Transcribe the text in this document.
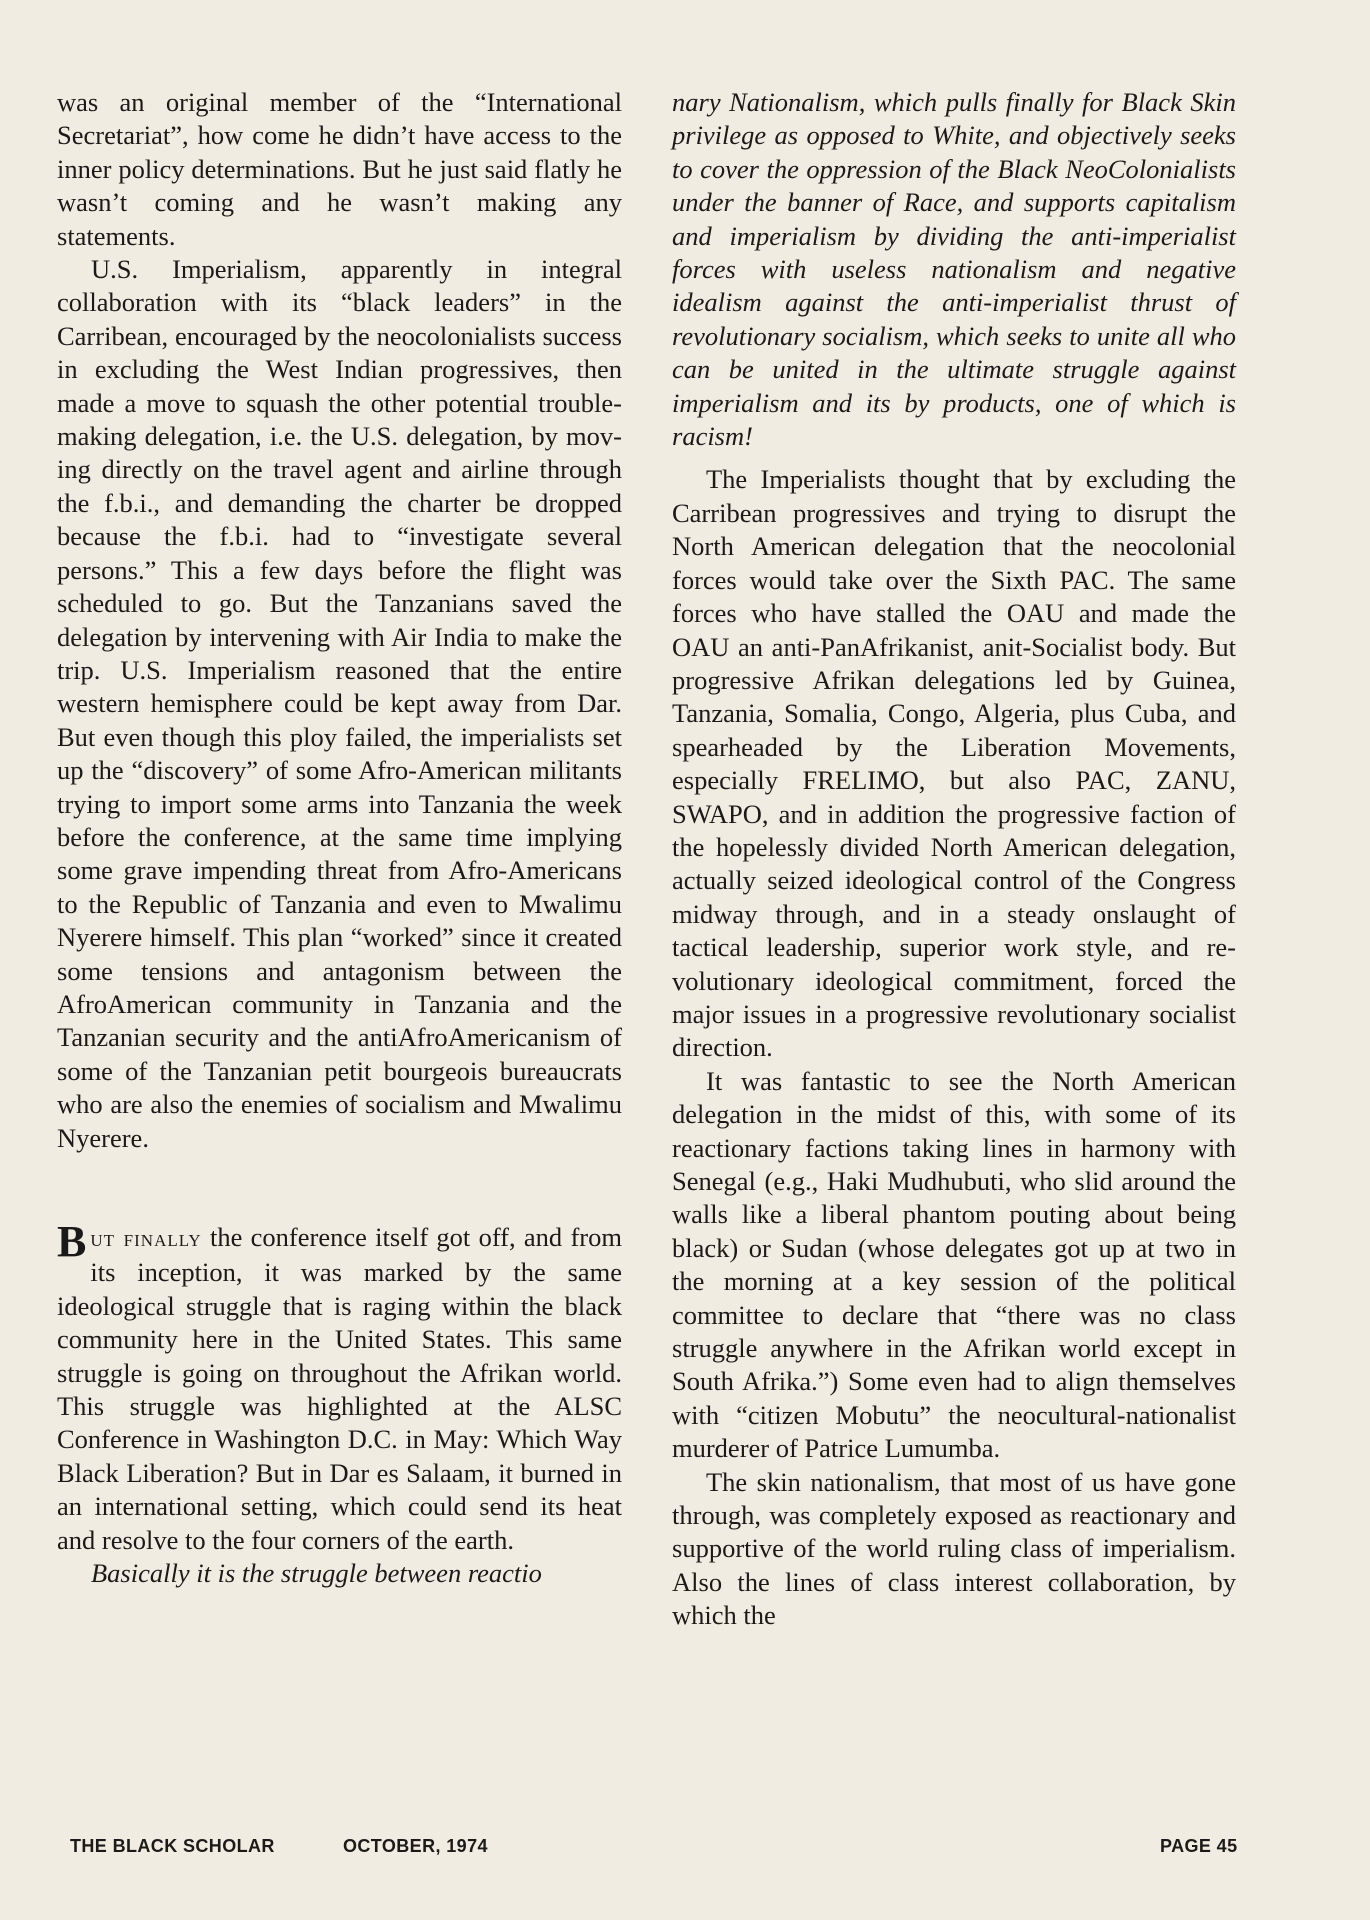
was an original member of the “International Secretariat”, how come he didn’t have access to the inner policy determinations. But he just said flatly he wasn’t coming and he wasn’t making any statements.

U.S. Imperialism, apparently in integral collaboration with its “black leaders” in the Carribean, encouraged by the neocolonialists success in excluding the West Indian progressives, then made a move to squash the other potential trouble-making delegation, i.e. the U.S. delegation, by moving directly on the travel agent and airline through the f.b.i., and demanding the charter be dropped because the f.b.i. had to “investigate several persons.” This a few days before the flight was scheduled to go. But the Tanzanians saved the delegation by intervening with Air India to make the trip. U.S. Imperialism reasoned that the entire western hemisphere could be kept away from Dar. But even though this ploy failed, the imperialists set up the “discovery” of some Afro-American militants trying to import some arms into Tanzania the week before the conference, at the same time implying some grave impending threat from Afro-Americans to the Republic of Tanzania and even to Mwalimu Nyerere himself. This plan “worked” since it created some tensions and antagonism between the AfroAmerican community in Tanzania and the Tanzanian security and the antiAfroAmericanism of some of the Tanzanian petit bourgeois bureaucrats who are also the enemies of socialism and Mwalimu Nyerere.

But finally the conference itself got off, and from its inception, it was marked by the same ideological struggle that is raging within the black community here in the United States. This same struggle is going on throughout the Afrikan world. This struggle was highlighted at the ALSC Conference in Washington D.C. in May: Which Way Black Liberation? But in Dar es Salaam, it burned in an international setting, which could send its heat and resolve to the four corners of the earth.

Basically it is the struggle between reactio

nary Nationalism, which pulls finally for Black Skin privilege as opposed to White, and objectively seeks to cover the oppression of the Black NeoColonialists under the banner of Race, and supports capitalism and imperialism by dividing the anti-imperialist forces with useless nationalism and negative idealism against the anti-imperialist thrust of revolutionary socialism, which seeks to unite all who can be united in the ultimate struggle against imperialism and its by products, one of which is racism!

The Imperialists thought that by excluding the Carribean progressives and trying to disrupt the North American delegation that the neocolonial forces would take over the Sixth PAC. The same forces who have stalled the OAU and made the OAU an anti-PanAfrikanist, anit-Socialist body. But progressive Afrikan delegations led by Guinea, Tanzania, Somalia, Congo, Algeria, plus Cuba, and spearheaded by the Liberation Movements, especially FRELIMO, but also PAC, ZANU, SWAPO, and in addition the progressive faction of the hopelessly divided North American delegation, actually seized ideological control of the Congress midway through, and in a steady onslaught of tactical leadership, superior work style, and revolutionary ideological commitment, forced the major issues in a progressive revolutionary socialist direction.

It was fantastic to see the North American delegation in the midst of this, with some of its reactionary factions taking lines in harmony with Senegal (e.g., Haki Mudhubuti, who slid around the walls like a liberal phantom pouting about being black) or Sudan (whose delegates got up at two in the morning at a key session of the political committee to declare that “there was no class struggle anywhere in the Afrikan world except in South Afrika.”) Some even had to align themselves with “citizen Mobutu” the neocultural-nationalist murderer of Patrice Lumumba.

The skin nationalism, that most of us have gone through, was completely exposed as reactionary and supportive of the world ruling class of imperialism. Also the lines of class interest collaboration, by which the

THE BLACK SCHOLAR	OCTOBER, 1974	PAGE 45
